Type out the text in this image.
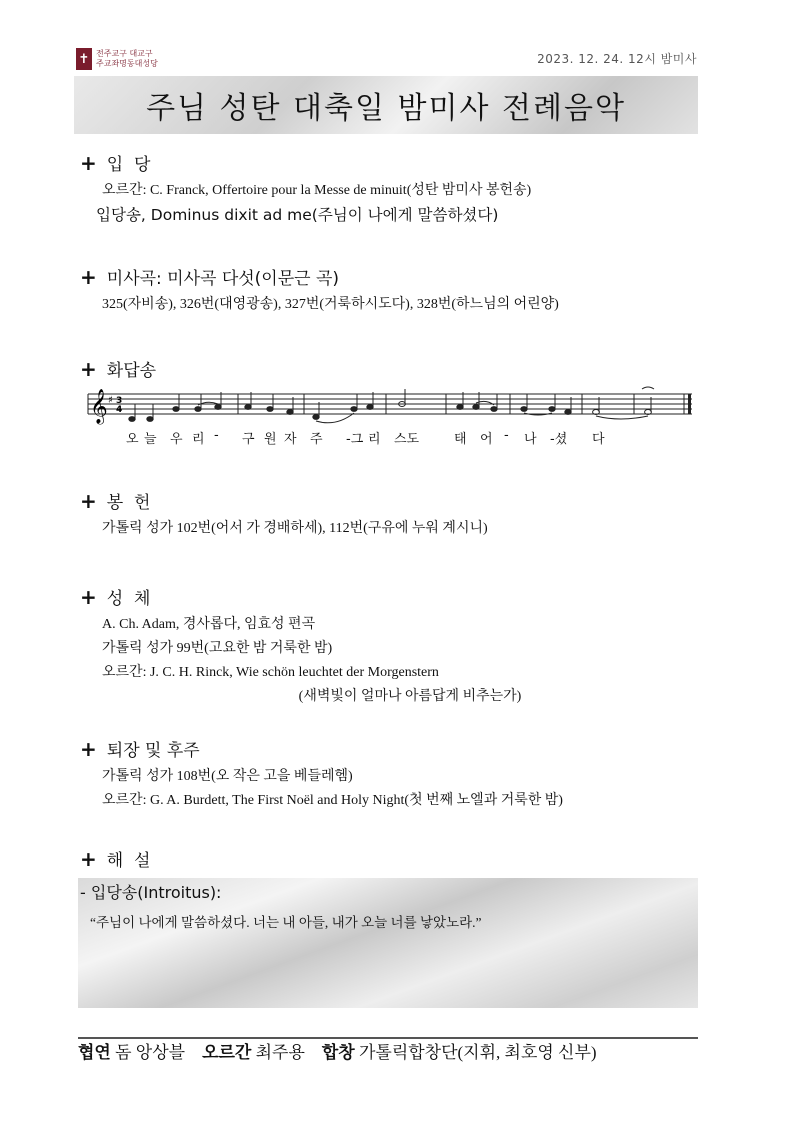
✝ 전주교구 대교구
주교좌명동대성당	2023. 12. 24. 12시 밤미사
주님 성탄 대축일 밤미사 전례음악
+ 입  당
오르간: C. Franck, Offertoire pour la Messe de minuit(성탄 밤미사 봉헌송)
입당송, Dominus dixit ad me(주님이 나에게 말씀하셨다)
+ 미사곡: 미사곡 다섯(이문근 곡)
325(자비송), 326번(대영광송), 327번(거룩하시도다), 328번(하느님의 어린양)
+ 화답송
𝄞 ♯ 3
4
오 늘 우 리 - 구 원 자 주 -그 리 스도	태 어 - 나 -셨 다
+ 봉  헌
가톨릭 성가 102번(어서 가 경배하세), 112번(구유에 누워 계시니)
+ 성  체
A. Ch. Adam, 경사롭다, 임효성 편곡
가톨릭 성가 99번(고요한 밤 거룩한 밤)
오르간: J. C. H. Rinck, Wie schön leuchtet der Morgenstern
(새벽빛이 얼마나 아름답게 비추는가)
+ 퇴장 및 후주
가톨릭 성가 108번(오 작은 고을 베들레헴)
오르간: G. A. Burdett, The First Noël and Holy Night(첫 번째 노엘과 거룩한 밤)
+ 해  설
- 입당송(Introitus):
“주님이 나에게 말씀하셨다. 너는 내 아들, 내가 오늘 너를 낳았노라.”
협연 돔 앙상블 오르간 최주용 합창 가톨릭합창단(지휘, 최호영 신부)
